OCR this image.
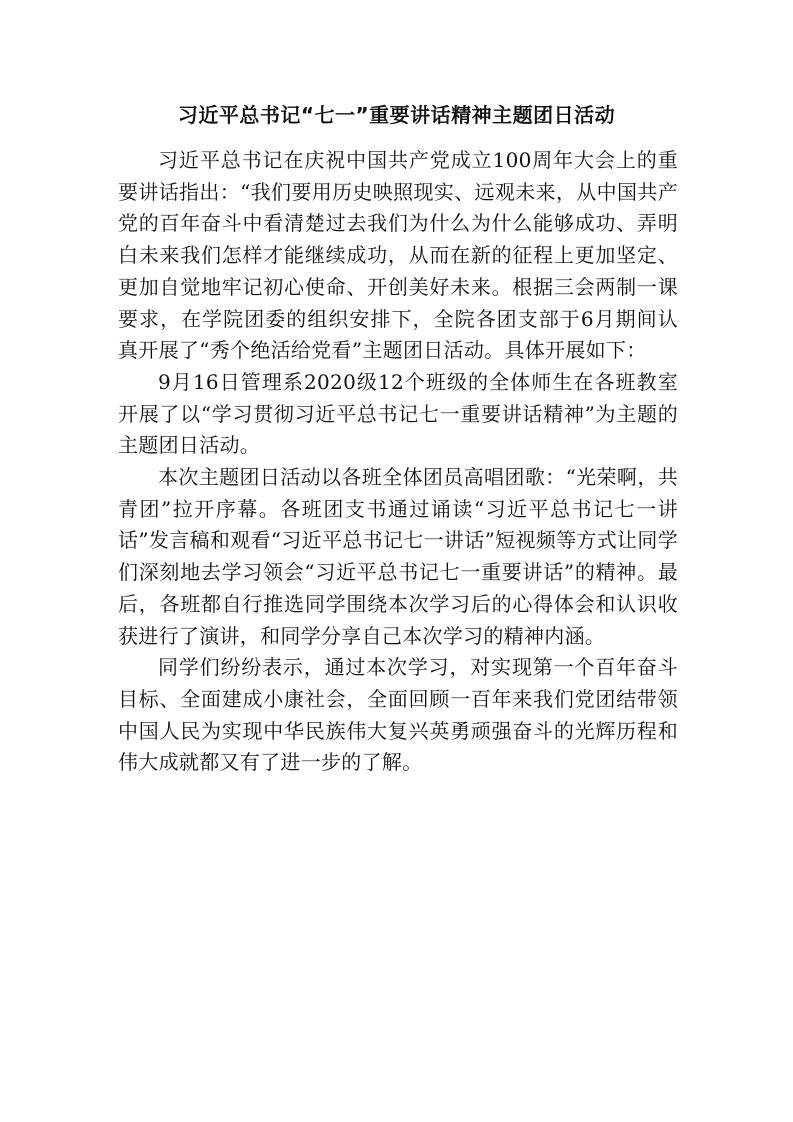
习近平总书记“七一”重要讲话精神主题团日活动

习近平总书记在庆祝中国共产党成立100周年大会上的重要讲话指出：“我们要用历史映照现实、远观未来，从中国共产党的百年奋斗中看清楚过去我们为什么为什么能够成功、弄明白未来我们怎样才能继续成功，从而在新的征程上更加坚定、更加自觉地牢记初心使命、开创美好未来。根据三会两制一课要求，在学院团委的组织安排下，全院各团支部于6月期间认真开展了“秀个绝活给党看”主题团日活动。具体开展如下：

9月16日管理系2020级12个班级的全体师生在各班教室开展了以“学习贯彻习近平总书记七一重要讲话精神”为主题的主题团日活动。

本次主题团日活动以各班全体团员高唱团歌：“光荣啊，共青团”拉开序幕。各班团支书通过诵读“习近平总书记七一讲话”发言稿和观看“习近平总书记七一讲话”短视频等方式让同学们深刻地去学习领会“习近平总书记七一重要讲话”的精神。最后，各班都自行推选同学围绕本次学习后的心得体会和认识收获进行了演讲，和同学分享自己本次学习的精神内涵。

同学们纷纷表示，通过本次学习，对实现第一个百年奋斗目标、全面建成小康社会，全面回顾一百年来我们党团结带领中国人民为实现中华民族伟大复兴英勇顽强奋斗的光辉历程和伟大成就都又有了进一步的了解。
